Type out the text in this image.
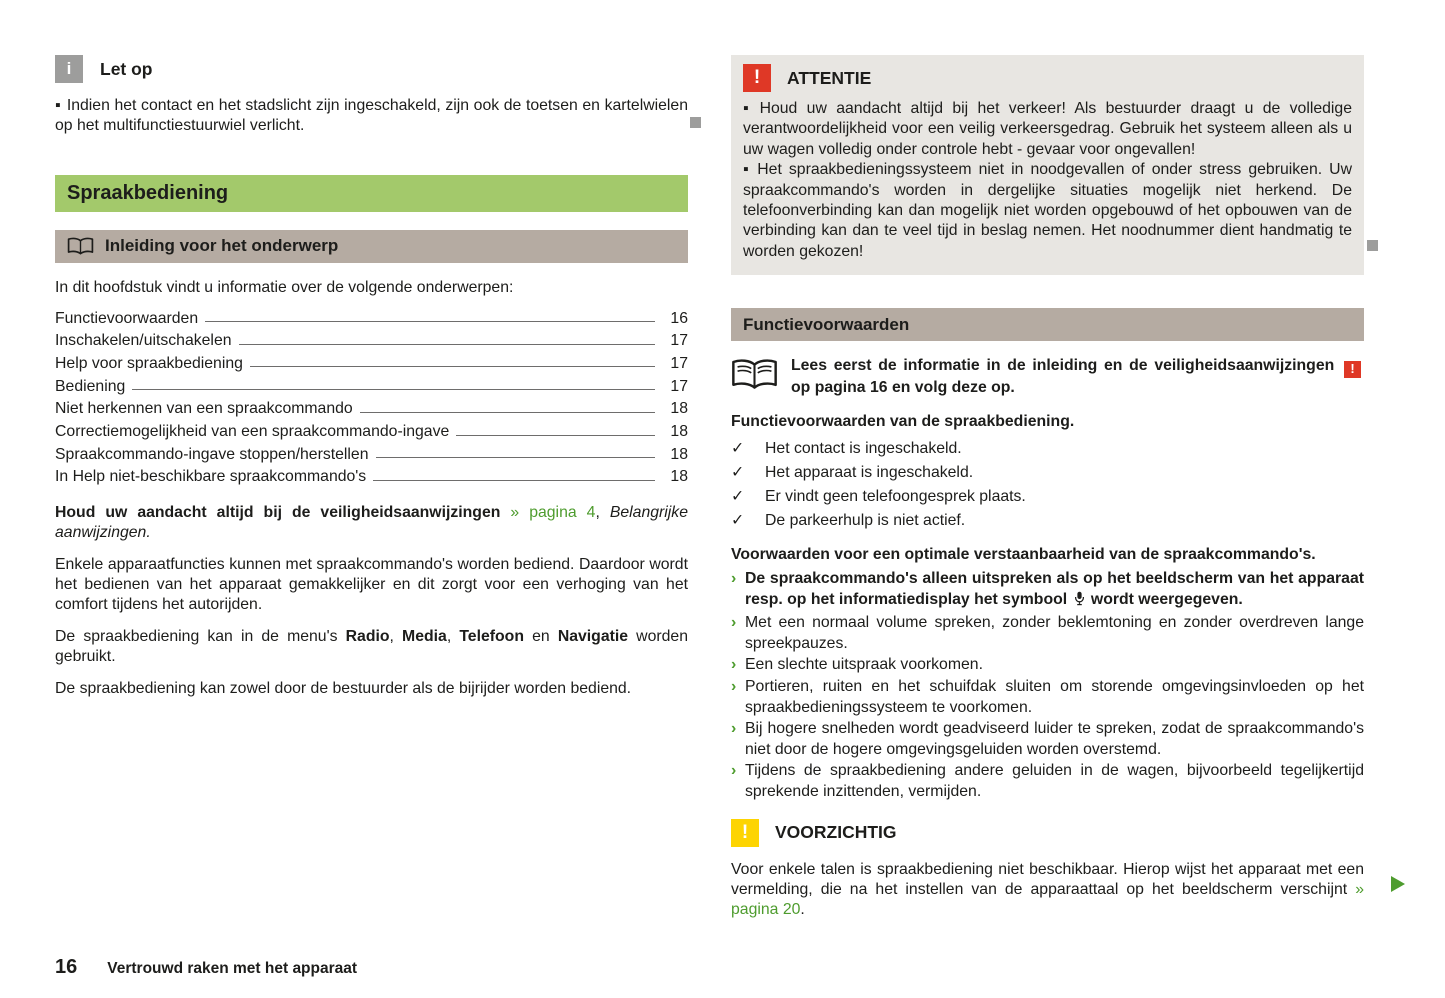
i	Let op

▪ Indien het contact en het stadslicht zijn ingeschakeld, zijn ook de toetsen en kartelwielen op het multifunctiestuurwiel verlicht.

Spraakbediening
Inleiding voor het onderwerp

In dit hoofdstuk vindt u informatie over de volgende onderwerpen:

Functievoorwaarden	16
Inschakelen/uitschakelen	17
Help voor spraakbediening	17
Bediening	17
Niet herkennen van een spraakcommando	18
Correctiemogelijkheid van een spraakcommando-ingave	18
Spraakcommando-ingave stoppen/herstellen	18
In Help niet-beschikbare spraakcommando's	18

Houd uw aandacht altijd bij de veiligheidsaanwijzingen » pagina 4, Belangrijke aanwijzingen.

Enkele apparaatfuncties kunnen met spraakcommando's worden bediend. Daardoor wordt het bedienen van het apparaat gemakkelijker en dit zorgt voor een verhoging van het comfort tijdens het autorijden.

De spraakbediening kan in de menu's Radio, Media, Telefoon en Navigatie worden gebruikt.

De spraakbediening kan zowel door de bestuurder als de bijrijder worden bediend.

!	ATTENTIE

▪ Houd uw aandacht altijd bij het verkeer! Als bestuurder draagt u de volledige verantwoordelijkheid voor een veilig verkeersgedrag. Gebruik het systeem alleen als u uw wagen volledig onder controle hebt - gevaar voor ongevallen!

▪ Het spraakbedieningssysteem niet in noodgevallen of onder stress gebruiken. Uw spraakcommando's worden in dergelijke situaties mogelijk niet herkend. De telefoonverbinding kan dan mogelijk niet worden opgebouwd of het opbouwen van de verbinding kan dan te veel tijd in beslag nemen. Het noodnummer dient handmatig te worden gekozen!

Functievoorwaarden

Lees eerst de informatie in de inleiding en de veiligheidsaanwijzingen ! op pagina 16 en volg deze op.

Functievoorwaarden van de spraakbediening.

✓	Het contact is ingeschakeld.
✓	Het apparaat is ingeschakeld.
✓	Er vindt geen telefoongesprek plaats.
✓	De parkeerhulp is niet actief.

Voorwaarden voor een optimale verstaanbaarheid van de spraakcommando's.

› De spraakcommando's alleen uitspreken als op het beeldscherm van het apparaat resp. op het informatiedisplay het symbool  wordt weergegeven.
› Met een normaal volume spreken, zonder beklemtoning en zonder overdreven lange spreekpauzes.
› Een slechte uitspraak voorkomen.
› Portieren, ruiten en het schuifdak sluiten om storende omgevingsinvloeden op het spraakbedieningssysteem te voorkomen.
› Bij hogere snelheden wordt geadviseerd luider te spreken, zodat de spraakcommando's niet door de hogere omgevingsgeluiden worden overstemd.
› Tijdens de spraakbediening andere geluiden in de wagen, bijvoorbeeld tegelijkertijd sprekende inzittenden, vermijden.
!	VOORZICHTIG

Voor enkele talen is spraakbediening niet beschikbaar. Hierop wijst het apparaat met een vermelding, die na het instellen van de apparaattaal op het beeldscherm verschijnt » pagina 20.

16 Vertrouwd raken met het apparaat
